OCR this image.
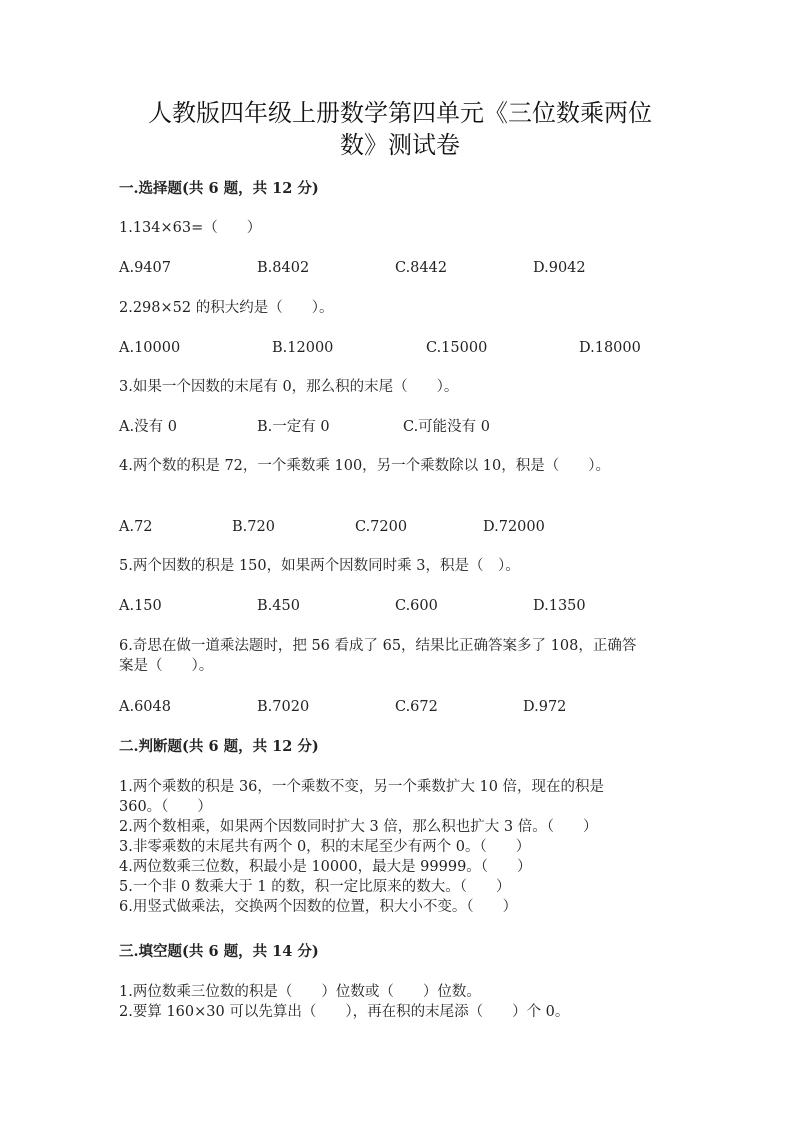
人教版四年级上册数学第四单元《三位数乘两位
数》测试卷
一.选择题(共 6 题，共 12 分)
1.134×63=（　　）
A.9407	B.8402	C.8442	D.9042
2.298×52 的积大约是（　　）。
A.10000	B.12000	C.15000	D.18000
3.如果一个因数的末尾有 0，那么积的末尾（　　）。
A.没有 0	B.一定有 0	C.可能没有 0
4.两个数的积是 72，一个乘数乘 100，另一个乘数除以 10，积是（　　）。
A.72	B.720	C.7200	D.72000
5.两个因数的积是 150，如果两个因数同时乘 3，积是（　）。
A.150	B.450	C.600	D.1350
6.奇思在做一道乘法题时，把 56 看成了 65，结果比正确答案多了 108，正确答
案是（　　）。
A.6048	B.7020	C.672	D.972
二.判断题(共 6 题，共 12 分)
1.两个乘数的积是 36，一个乘数不变，另一个乘数扩大 10 倍，现在的积是
360。（　　）
2.两个数相乘，如果两个因数同时扩大 3 倍，那么积也扩大 3 倍。（　　）
3.非零乘数的末尾共有两个 0，积的末尾至少有两个 0。（　　）
4.两位数乘三位数，积最小是 10000，最大是 99999。（　　）
5.一个非 0 数乘大于 1 的数，积一定比原来的数大。（　　）
6.用竖式做乘法，交换两个因数的位置，积大小不变。（　　）
三.填空题(共 6 题，共 14 分)
1.两位数乘三位数的积是（　　）位数或（　　）位数。
2.要算 160×30 可以先算出（　　），再在积的末尾添（　　）个 0。
